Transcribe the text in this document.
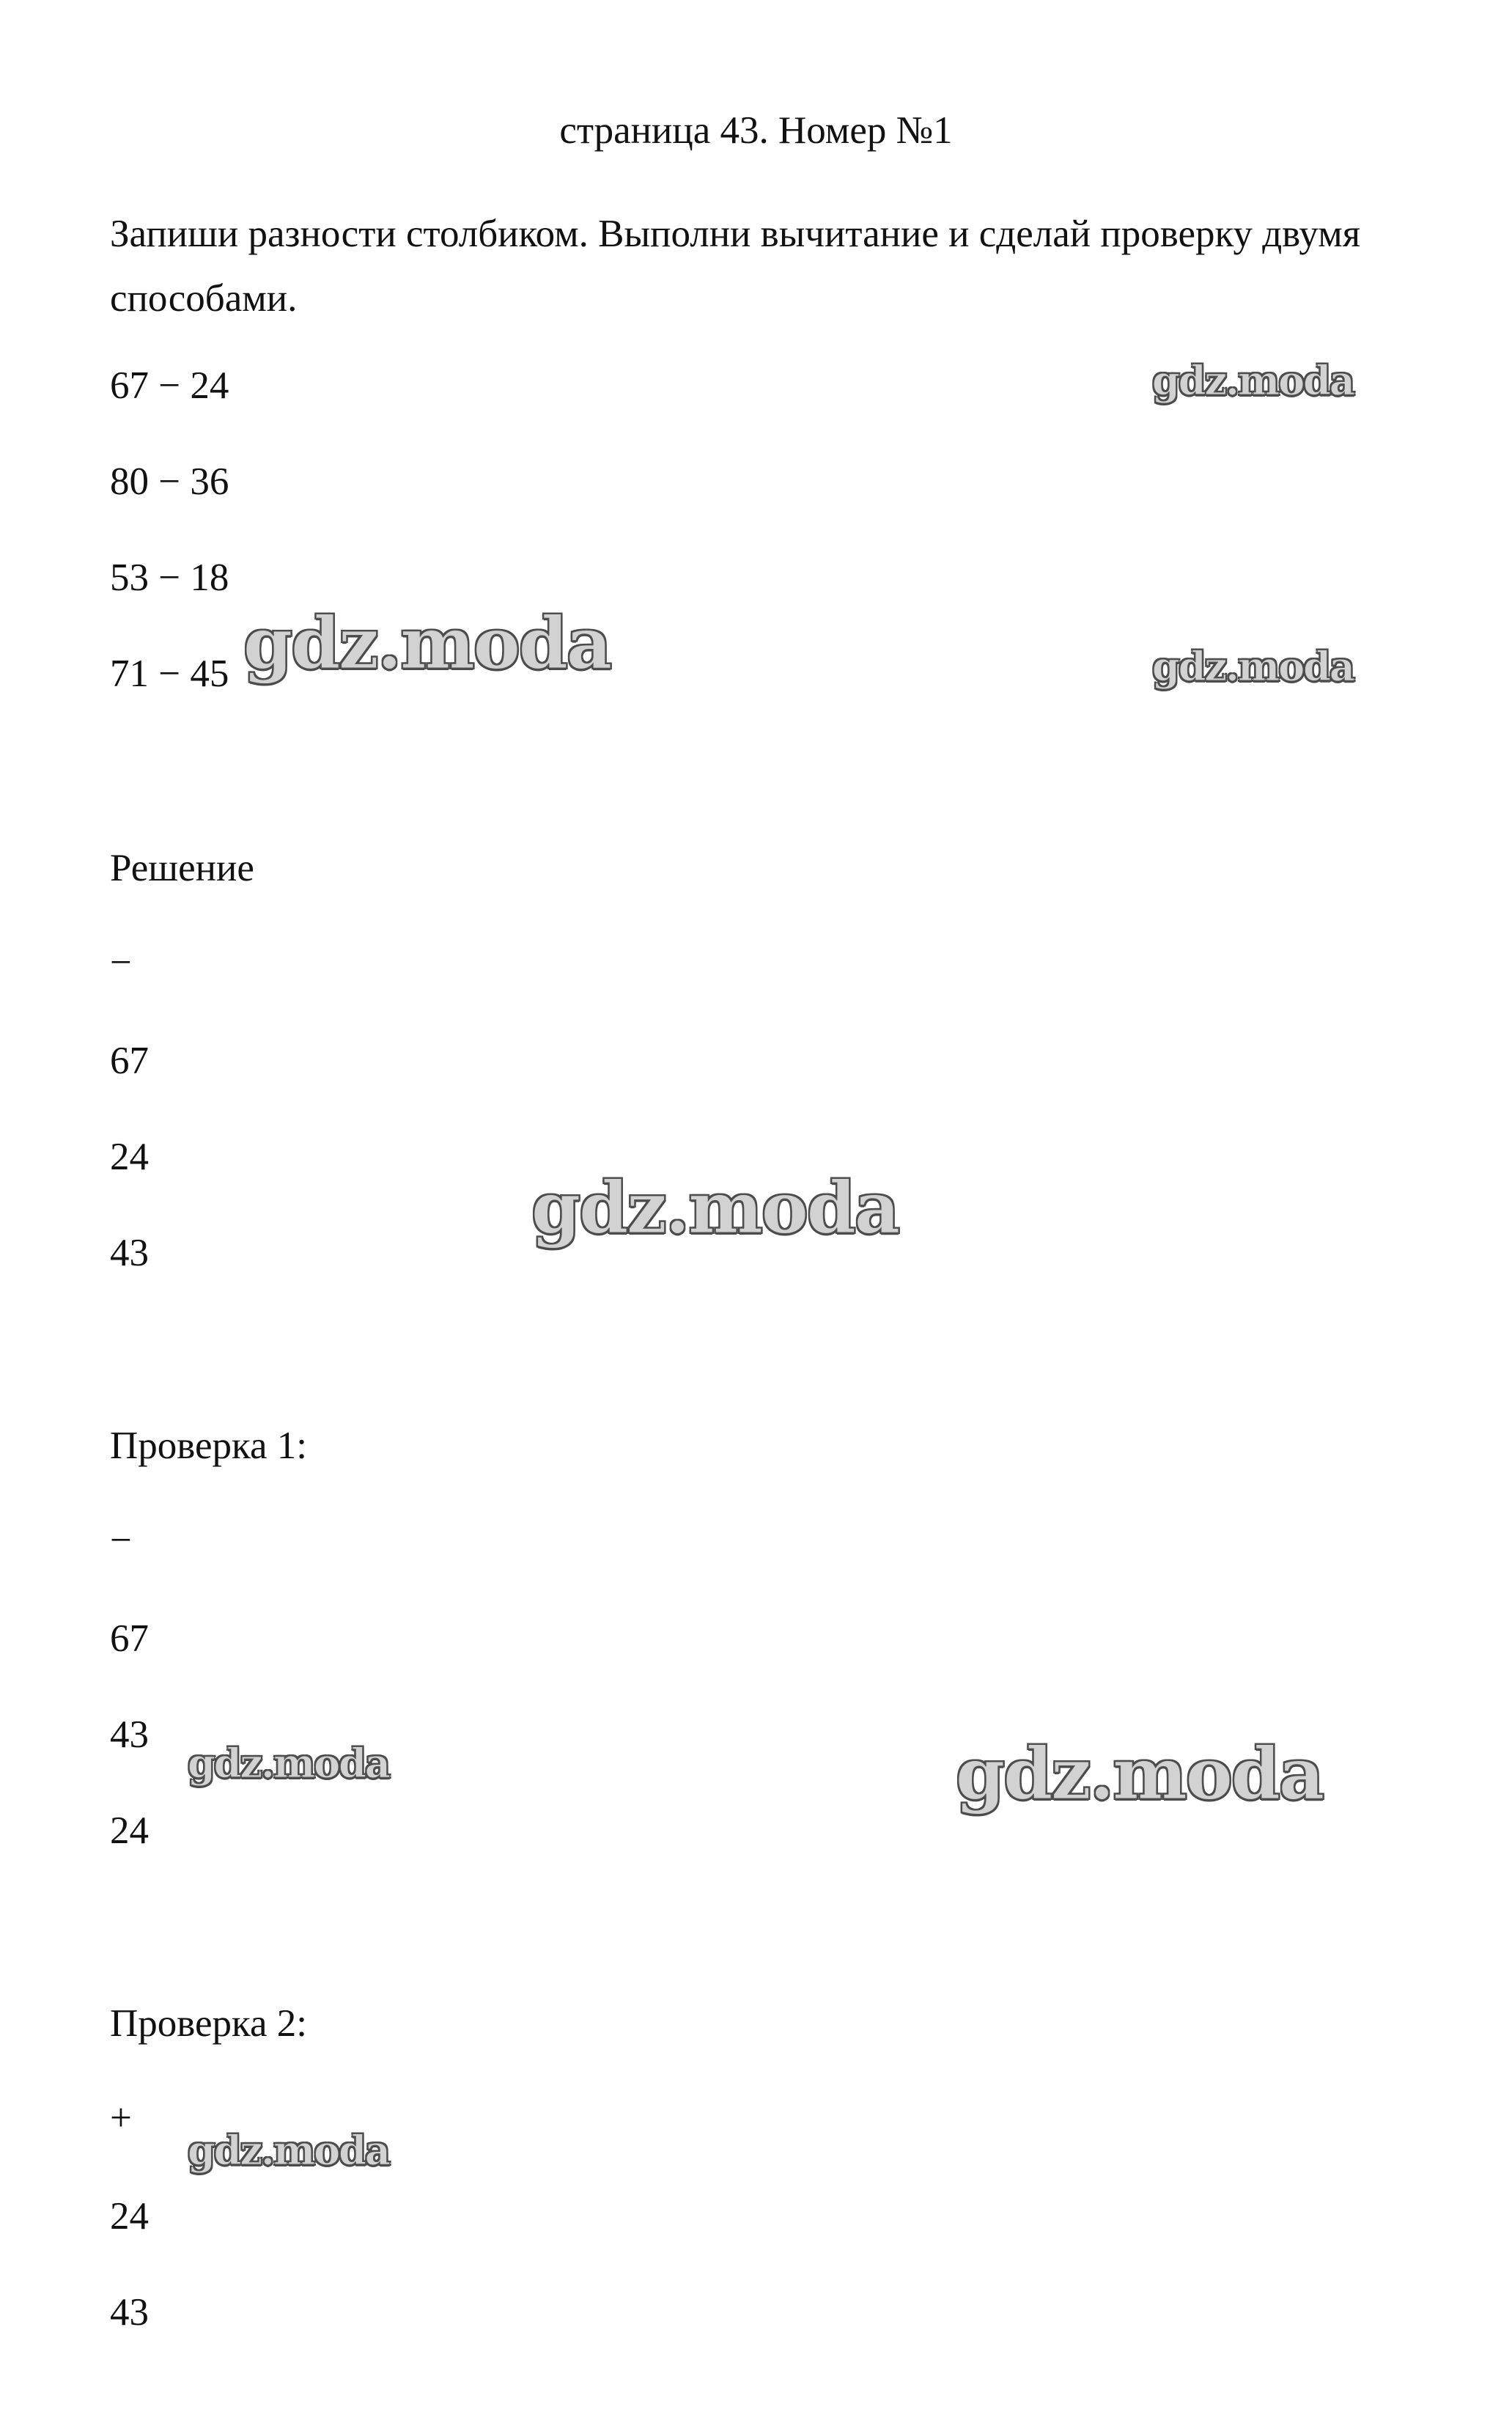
страница 43. Номер №1
Запиши разности столбиком. Выполни вычитание и сделай проверку двумя способами.
67 − 24
80 − 36
53 − 18
71 − 45
Решение
−
67
24
43
Проверка 1:
−
67
43
24
Проверка 2:
+
24
43
gdz.moda
gdz.moda	gdz.moda
gdz.moda
gdz.moda	gdz.moda
gdz.moda
